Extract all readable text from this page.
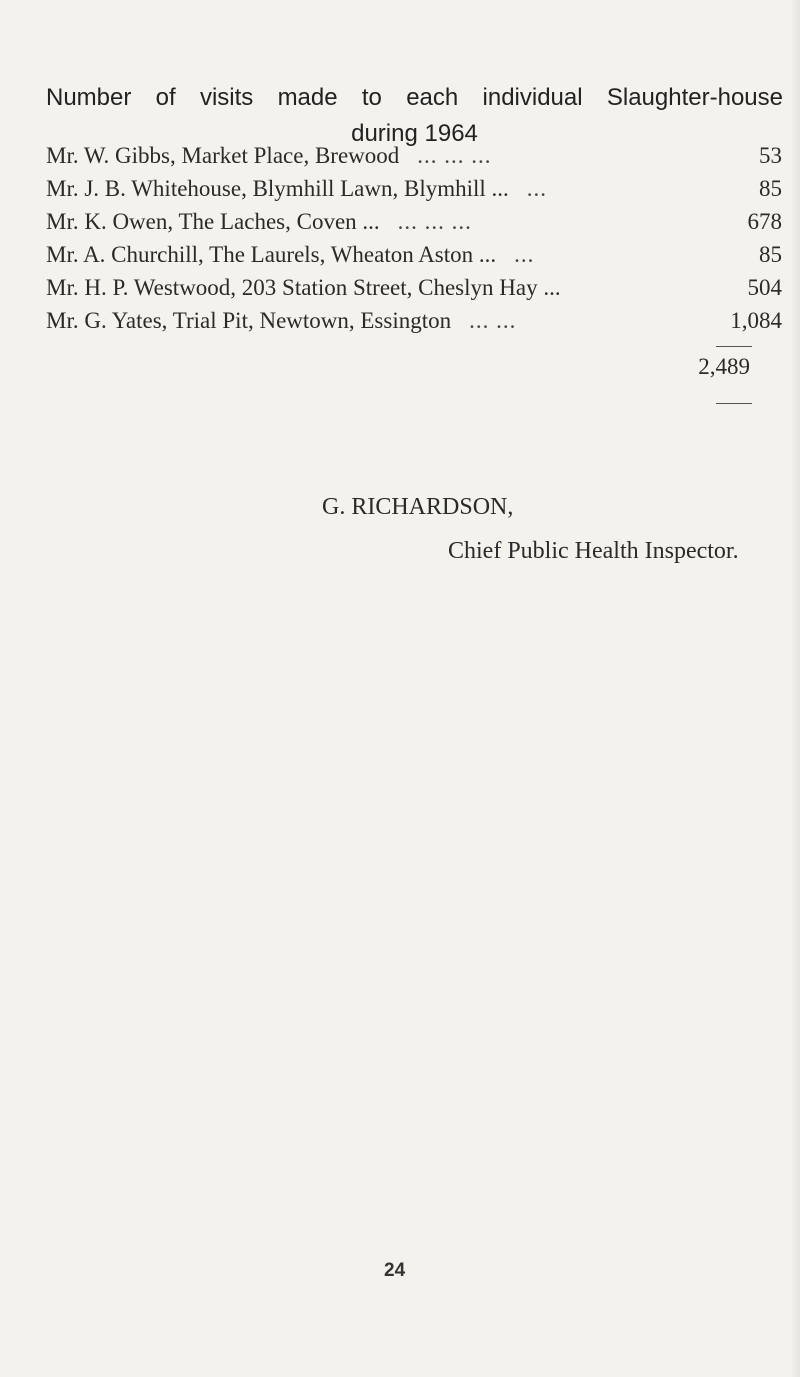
Number of visits made to each individual Slaughter-house
during 1964
Mr. W. Gibbs, Market Place, Brewood ... ... ...	53
Mr. J. B. Whitehouse, Blymhill Lawn, Blymhill ... ...	85
Mr. K. Owen, The Laches, Coven ... ... ... ...	678
Mr. A. Churchill, The Laurels, Wheaton Aston ... ...	85
Mr. H. P. Westwood, 203 Station Street, Cheslyn Hay ...	504
Mr. G. Yates, Trial Pit, Newtown, Essington ... ...	1,084
2,489
G. RICHARDSON,
Chief Public Health Inspector.
24
